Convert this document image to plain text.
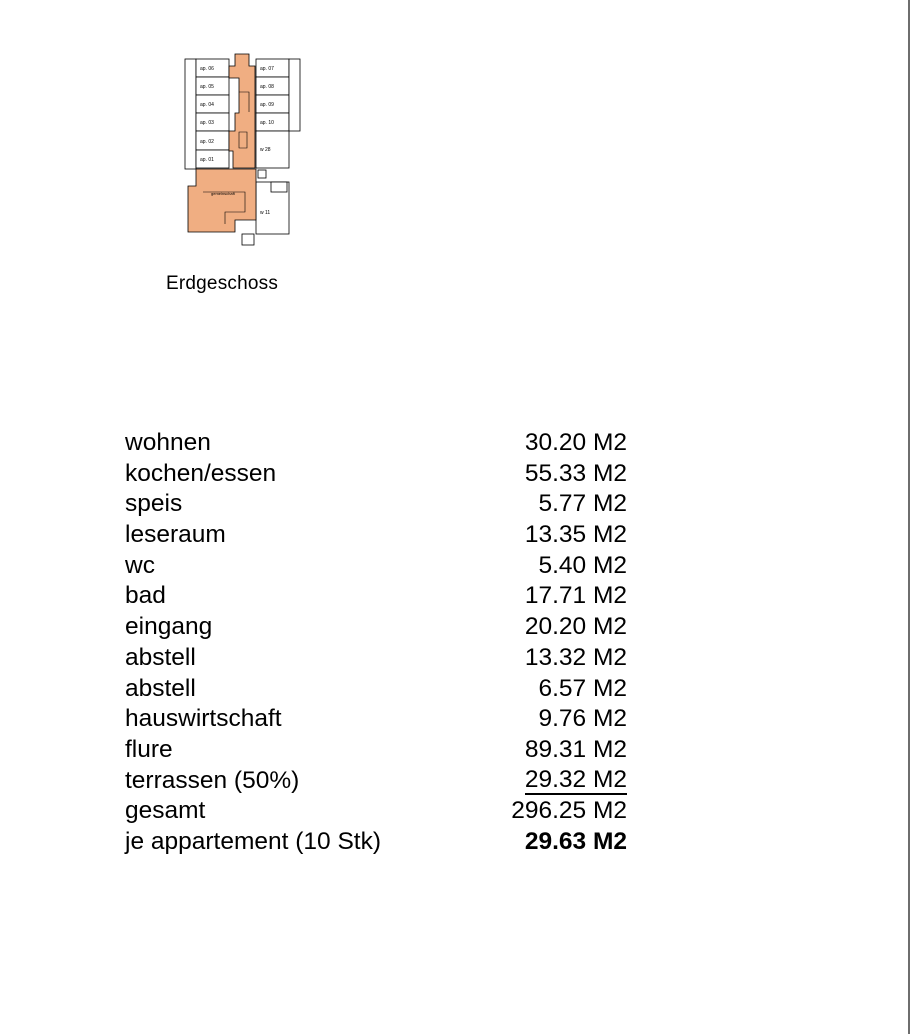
ap. 06
ap. 05
ap. 04
ap. 03
ap. 02
ap. 01
ap. 07
ap. 08
ap. 09
ap. 10
w 28
w 11
gemeinschaft
Erdgeschoss
wohnen	30.20 M2
kochen/essen	55.33 M2
speis	5.77 M2
leseraum	13.35 M2
wc	5.40 M2
bad	17.71 M2
eingang	20.20 M2
abstell	13.32 M2
abstell	6.57 M2
hauswirtschaft	9.76 M2
flure	89.31 M2
terrassen (50%)	29.32 M2
gesamt	296.25 M2
je appartement (10 Stk)	29.63 M2
